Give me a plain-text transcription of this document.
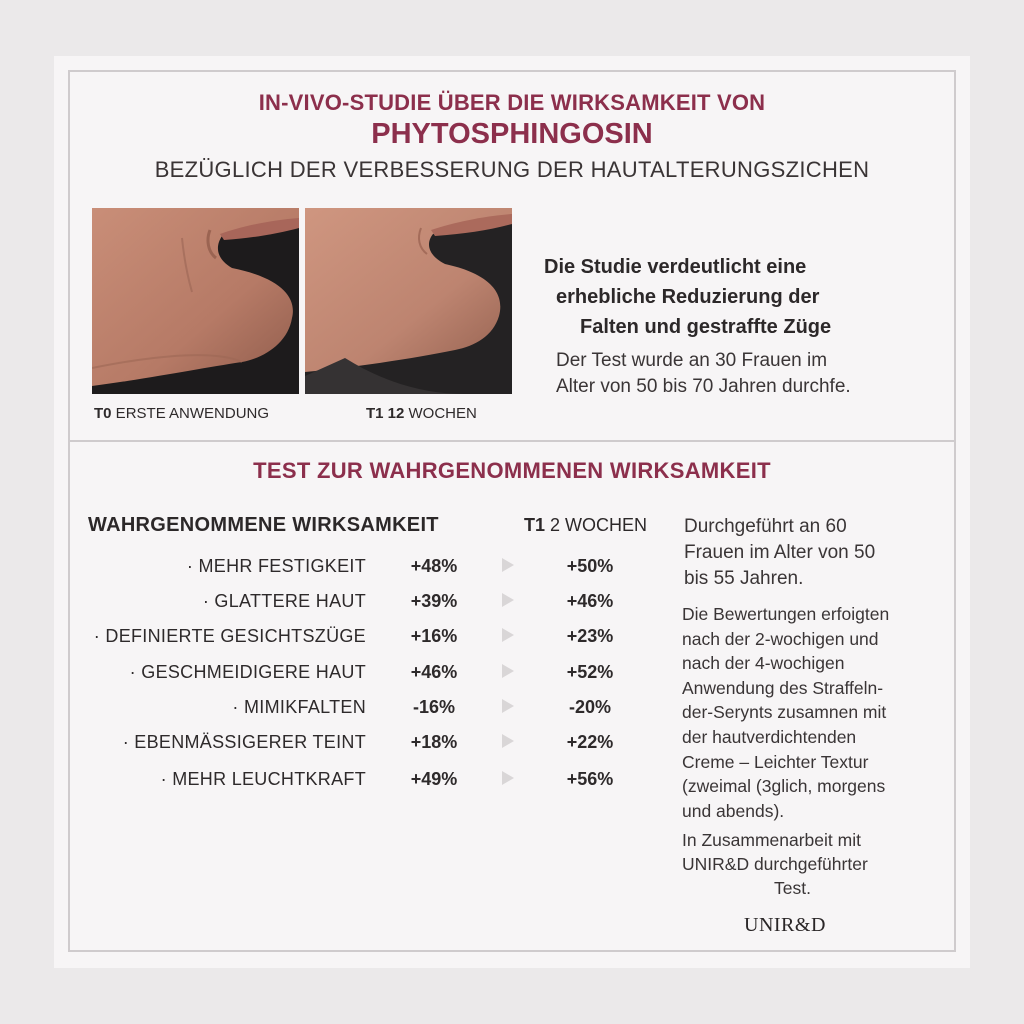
IN-VIVO-STUDIE ÜBER DIE WIRKSAMKEIT VON
PHYTOSPHINGOSIN
BEZÜGLICH DER VERBESSERUNG DER HAUTALTERUNGSZICHEN
T0 ERSTE ANWENDUNG	T1 12 WOCHEN
Die Studie verdeutlicht eine
erhebliche Reduzierung der
Falten und gestraffte Züge
Der Test wurde an 30 Frauen im
Alter von 50 bis 70 Jahren durchfe.
TEST ZUR WAHRGENOMMENEN WIRKSAMKEIT
WAHRGENOMMENE WIRKSAMKEIT	T1 2 WOCHEN
· MEHR FESTIGKEIT	+48%	+50%
· GLATTERE HAUT	+39%	+46%
· DEFINIERTE GESICHTSZÜGE	+16%	+23%
· GESCHMEIDIGERE HAUT	+46%	+52%
· MIMIKFALTEN	-16%	-20%
· EBENMÄSSIGERER TEINT	+18%	+22%
· MEHR LEUCHTKRAFT	+49%	+56%
Durchgeführt an 60
Frauen im Alter von 50
bis 55 Jahren.
Die Bewertungen erfoigten
nach der 2-wochigen und
nach der 4-wochigen
Anwendung des Straffeln-
der-Serynts zusamnen mit
der hautverdichtenden
Creme – Leichter Textur
(zweimal (3glich, morgens
und abends).
In Zusammenarbeit mit
UNIR&D durchgeführter
Test.
UNIR&D
